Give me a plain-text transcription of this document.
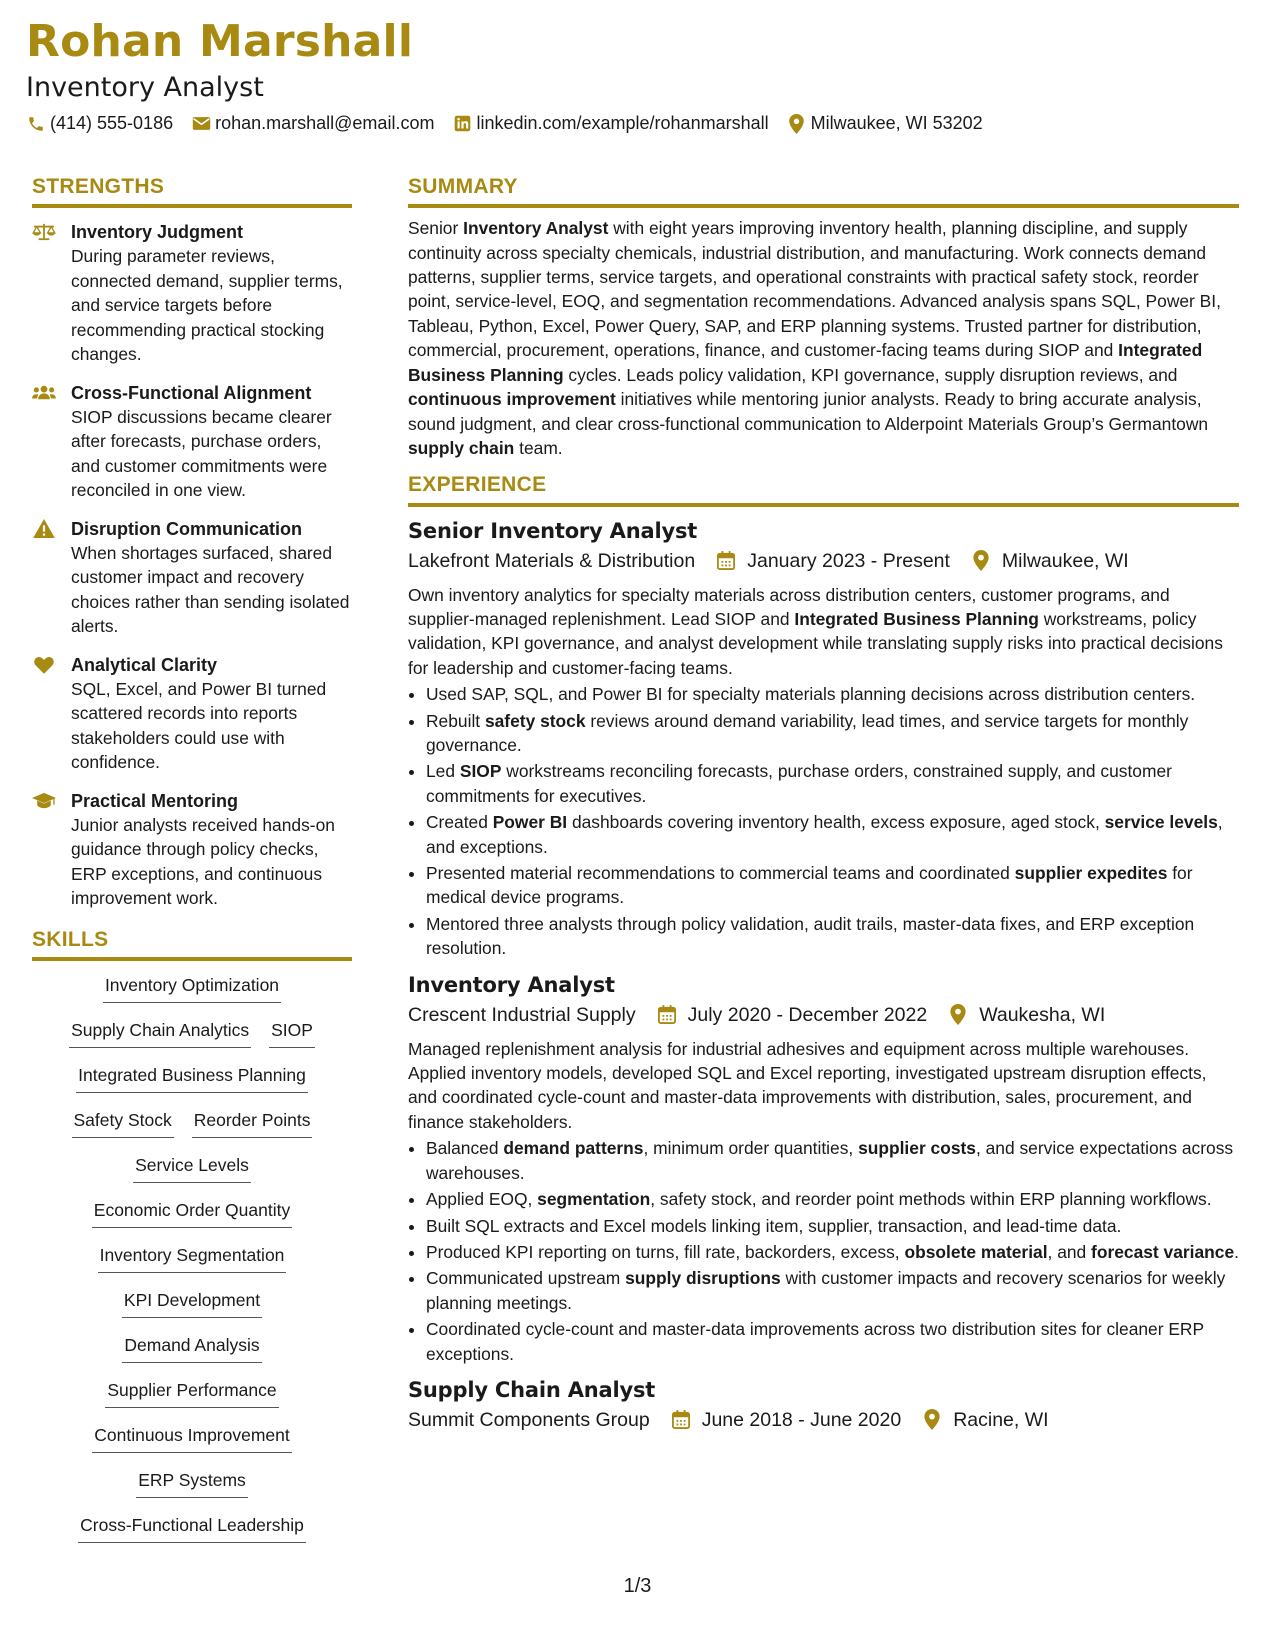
Rohan Marshall
Inventory Analyst
(414) 555-0186 rohan.marshall@email.com linkedin.com/example/rohanmarshall Milwaukee, WI 53202
STRENGTHS
Inventory Judgment
During parameter reviews, connected demand, supplier terms, and service targets before recommending practical stocking changes.
Cross-Functional Alignment
SIOP discussions became clearer after forecasts, purchase orders, and customer commitments were reconciled in one view.
Disruption Communication
When shortages surfaced, shared customer impact and recovery choices rather than sending isolated alerts.
Analytical Clarity
SQL, Excel, and Power BI turned scattered records into reports stakeholders could use with confidence.
Practical Mentoring
Junior analysts received hands-on guidance through policy checks, ERP exceptions, and continuous improvement work.
SKILLS
Inventory Optimization
Supply Chain Analytics SIOP
Integrated Business Planning
Safety Stock Reorder Points
Service Levels
Economic Order Quantity
Inventory Segmentation
KPI Development
Demand Analysis
Supplier Performance
Continuous Improvement
ERP Systems
Cross-Functional Leadership
SUMMARY

Senior Inventory Analyst with eight years improving inventory health, planning discipline, and supply continuity across specialty chemicals, industrial distribution, and manufacturing. Work connects demand patterns, supplier terms, service targets, and operational constraints with practical safety stock, reorder point, service-level, EOQ, and segmentation recommendations. Advanced analysis spans SQL, Power BI, Tableau, Python, Excel, Power Query, SAP, and ERP planning systems. Trusted partner for distribution, commercial, procurement, operations, finance, and customer-facing teams during SIOP and Integrated Business Planning cycles. Leads policy validation, KPI governance, supply disruption reviews, and continuous improvement initiatives while mentoring junior analysts. Ready to bring accurate analysis, sound judgment, and clear cross-functional communication to Alderpoint Materials Group’s Germantown supply chain team.

EXPERIENCE
Senior Inventory Analyst
Lakefront Materials & Distribution	January 2023 - Present	Milwaukee, WI
Own inventory analytics for specialty materials across distribution centers, customer programs, and supplier-managed replenishment. Lead SIOP and Integrated Business Planning workstreams, policy validation, KPI governance, and analyst development while translating supply risks into practical decisions for leadership and customer-facing teams.
• Used SAP, SQL, and Power BI for specialty materials planning decisions across distribution centers.
• Rebuilt safety stock reviews around demand variability, lead times, and service targets for monthly governance.
• Led SIOP workstreams reconciling forecasts, purchase orders, constrained supply, and customer commitments for executives.
• Created Power BI dashboards covering inventory health, excess exposure, aged stock, service levels, and exceptions.
• Presented material recommendations to commercial teams and coordinated supplier expedites for medical device programs.
• Mentored three analysts through policy validation, audit trails, master-data fixes, and ERP exception resolution.
Inventory Analyst
Crescent Industrial Supply	July 2020 - December 2022	Waukesha, WI
Managed replenishment analysis for industrial adhesives and equipment across multiple warehouses. Applied inventory models, developed SQL and Excel reporting, investigated upstream disruption effects, and coordinated cycle-count and master-data improvements with distribution, sales, procurement, and finance stakeholders.
• Balanced demand patterns, minimum order quantities, supplier costs, and service expectations across warehouses.
• Applied EOQ, segmentation, safety stock, and reorder point methods within ERP planning workflows.
• Built SQL extracts and Excel models linking item, supplier, transaction, and lead-time data.
• Produced KPI reporting on turns, fill rate, backorders, excess, obsolete material, and forecast variance.
• Communicated upstream supply disruptions with customer impacts and recovery scenarios for weekly planning meetings.
• Coordinated cycle-count and master-data improvements across two distribution sites for cleaner ERP exceptions.
Supply Chain Analyst
Summit Components Group	June 2018 - June 2020	Racine, WI
1/3
